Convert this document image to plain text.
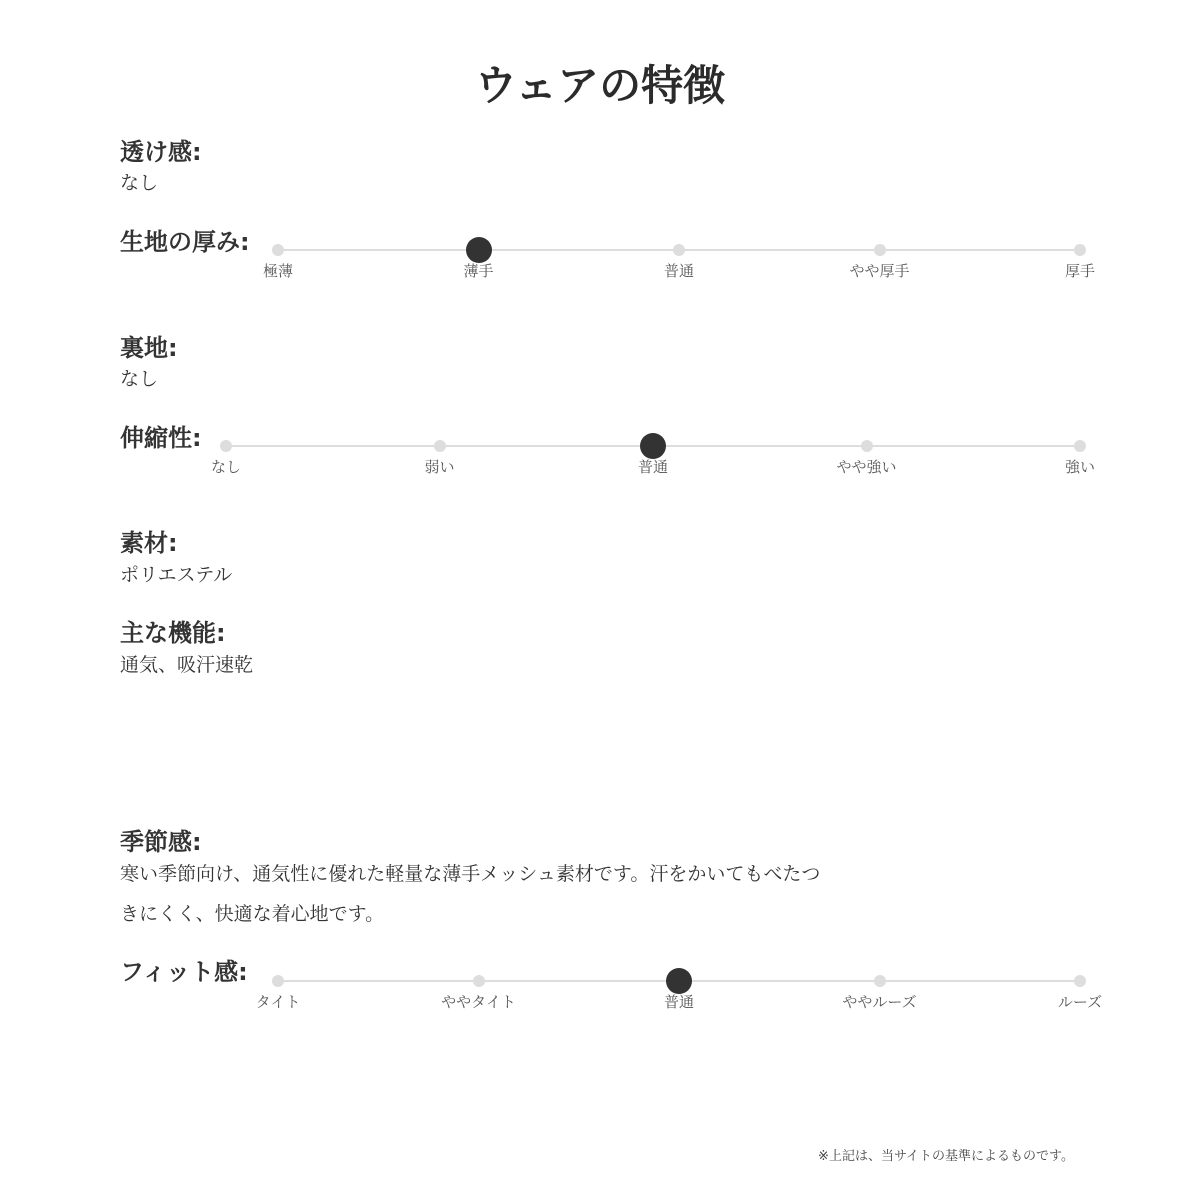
ウェアの特徴
透け感:
なし
生地の厚み:
極薄	薄手	普通	やや厚手	厚手
裏地:
なし
伸縮性:
なし	弱い	普通	やや強い	強い
素材:
ポリエステル
主な機能:
通気、吸汗速乾
季節感:
寒い季節向け、通気性に優れた軽量な薄手メッシュ素材です。汗をかいてもべたつ
きにくく、快適な着心地です。
フィット感:
タイト	ややタイト	普通	ややルーズ	ルーズ
※上記は、当サイトの基準によるものです。
